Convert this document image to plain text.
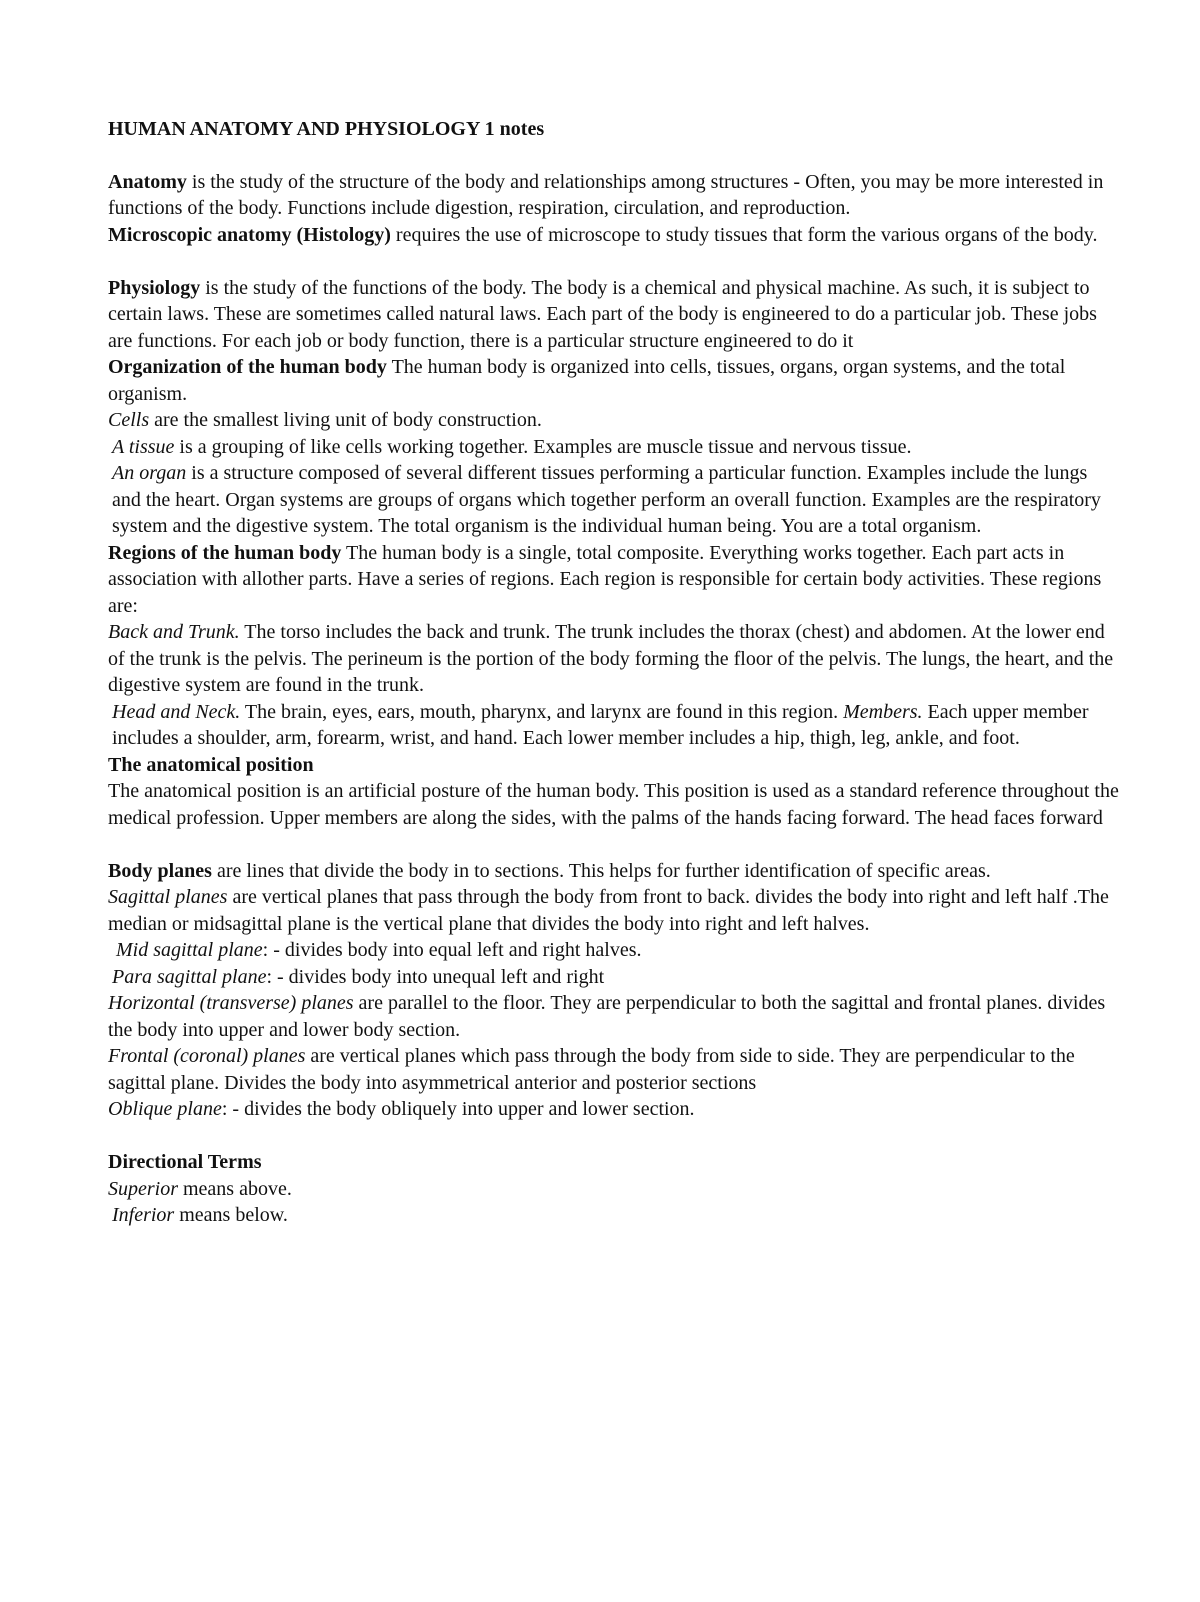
HUMAN ANATOMY AND PHYSIOLOGY 1 notes

Anatomy is the study of the structure of the body and relationships among structures - Often, you may be more interested in functions of the body. Functions include digestion, respiration, circulation, and reproduction.

Microscopic anatomy (Histology) requires the use of microscope to study tissues that form the various organs of the body.

Physiology is the study of the functions of the body. The body is a chemical and physical machine. As such, it is subject to certain laws. These are sometimes called natural laws. Each part of the body is engineered to do a particular job. These jobs are functions. For each job or body function, there is a particular structure engineered to do it

Organization of the human body The human body is organized into cells, tissues, organs, organ systems, and the total organism.

Cells are the smallest living unit of body construction.

A tissue is a grouping of like cells working together. Examples are muscle tissue and nervous tissue.

An organ is a structure composed of several different tissues performing a particular function. Examples include the lungs and the heart. Organ systems are groups of organs which together perform an overall function. Examples are the respiratory system and the digestive system. The total organism is the individual human being. You are a total organism.

Regions of the human body The human body is a single, total composite. Everything works together. Each part acts in association with allother parts. Have a series of regions. Each region is responsible for certain body activities. These regions are:

Back and Trunk. The torso includes the back and trunk. The trunk includes the thorax (chest) and abdomen. At the lower end of the trunk is the pelvis. The perineum is the portion of the body forming the floor of the pelvis. The lungs, the heart, and the digestive system are found in the trunk.

Head and Neck. The brain, eyes, ears, mouth, pharynx, and larynx are found in this region. Members. Each upper member includes a shoulder, arm, forearm, wrist, and hand. Each lower member includes a hip, thigh, leg, ankle, and foot.

The anatomical position

The anatomical position is an artificial posture of the human body. This position is used as a standard reference throughout the medical profession. Upper members are along the sides, with the palms of the hands facing forward. The head faces forward

Body planes are lines that divide the body in to sections. This helps for further identification of specific areas.

Sagittal planes are vertical planes that pass through the body from front to back. divides the body into right and left half .The median or midsagittal plane is the vertical plane that divides the body into right and left halves.

Mid sagittal plane: - divides body into equal left and right halves.

Para sagittal plane: - divides body into unequal left and right

Horizontal (transverse) planes are parallel to the floor. They are perpendicular to both the sagittal and frontal planes. divides the body into upper and lower body section.

Frontal (coronal) planes are vertical planes which pass through the body from side to side. They are perpendicular to the sagittal plane. Divides the body into asymmetrical anterior and posterior sections

Oblique plane: - divides the body obliquely into upper and lower section.

Directional Terms

Superior means above.

Inferior means below.
